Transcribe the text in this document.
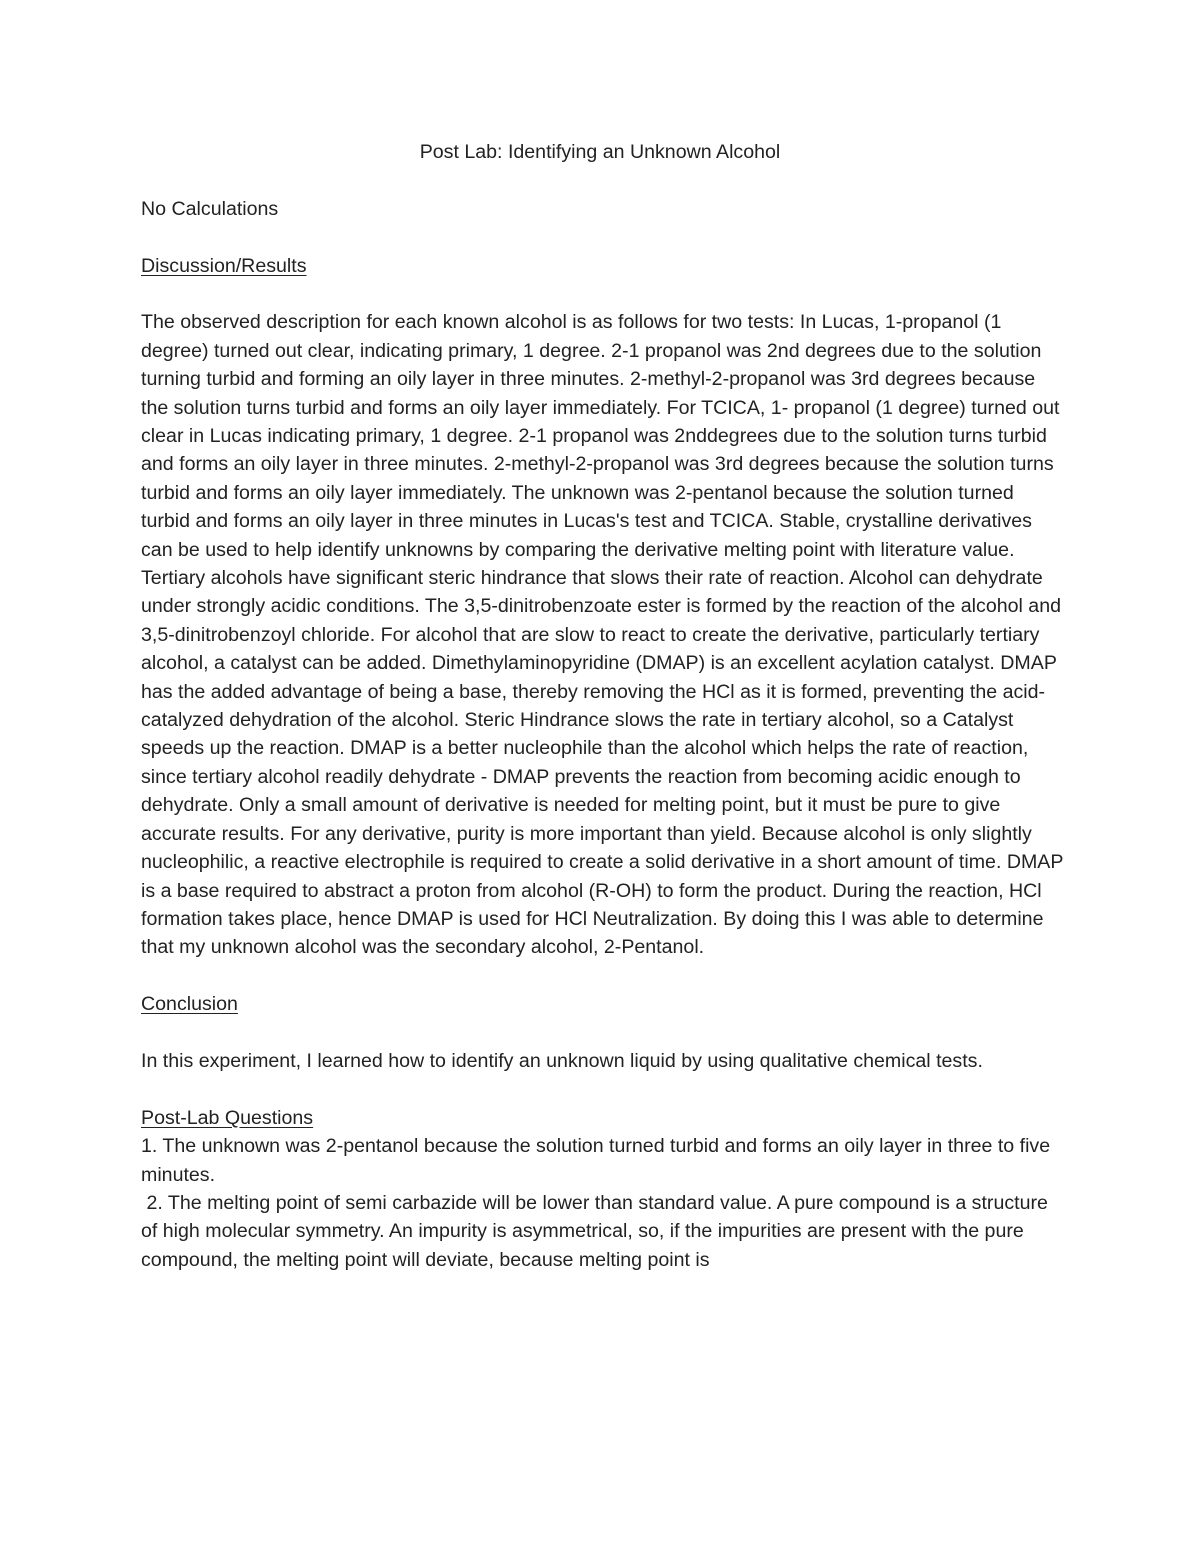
Post Lab: Identifying an Unknown Alcohol

No Calculations

Discussion/Results

The observed description for each known alcohol is as follows for two tests: In Lucas, 1-propanol (1 degree) turned out clear, indicating primary, 1 degree. 2-1 propanol was 2nd degrees due to the solution turning turbid and forming an oily layer in three minutes. 2-methyl-2-propanol was 3rd degrees because the solution turns turbid and forms an oily layer immediately. For TCICA, 1- propanol (1 degree) turned out clear in Lucas indicating primary, 1 degree. 2-1 propanol was 2nddegrees due to the solution turns turbid and forms an oily layer in three minutes. 2-methyl-2-propanol was 3rd degrees because the solution turns turbid and forms an oily layer immediately. The unknown was 2-pentanol because the solution turned turbid and forms an oily layer in three minutes in Lucas's test and TCICA. Stable, crystalline derivatives can be used to help identify unknowns by comparing the derivative melting point with literature value. Tertiary alcohols have significant steric hindrance that slows their rate of reaction. Alcohol can dehydrate under strongly acidic conditions. The 3,5-dinitrobenzoate ester is formed by the reaction of the alcohol and 3,5-dinitrobenzoyl chloride. For alcohol that are slow to react to create the derivative, particularly tertiary alcohol, a catalyst can be added. Dimethylaminopyridine (DMAP) is an excellent acylation catalyst. DMAP has the added advantage of being a base, thereby removing the HCl as it is formed, preventing the acid-catalyzed dehydration of the alcohol. Steric Hindrance slows the rate in tertiary alcohol, so a Catalyst speeds up the reaction. DMAP is a better nucleophile than the alcohol which helps the rate of reaction, since tertiary alcohol readily dehydrate - DMAP prevents the reaction from becoming acidic enough to dehydrate. Only a small amount of derivative is needed for melting point, but it must be pure to give accurate results. For any derivative, purity is more important than yield. Because alcohol is only slightly nucleophilic, a reactive electrophile is required to create a solid derivative in a short amount of time. DMAP is a base required to abstract a proton from alcohol (R-OH) to form the product. During the reaction, HCl formation takes place, hence DMAP is used for HCl Neutralization. By doing this I was able to determine that my unknown alcohol was the secondary alcohol, 2-Pentanol.

Conclusion

In this experiment, I learned how to identify an unknown liquid by using qualitative chemical tests.

Post-Lab Questions

1. The unknown was 2-pentanol because the solution turned turbid and forms an oily layer in three to five minutes.

2. The melting point of semi carbazide will be lower than standard value. A pure compound is a structure of high molecular symmetry. An impurity is asymmetrical, so, if the impurities are present with the pure compound, the melting point will deviate, because melting point is
